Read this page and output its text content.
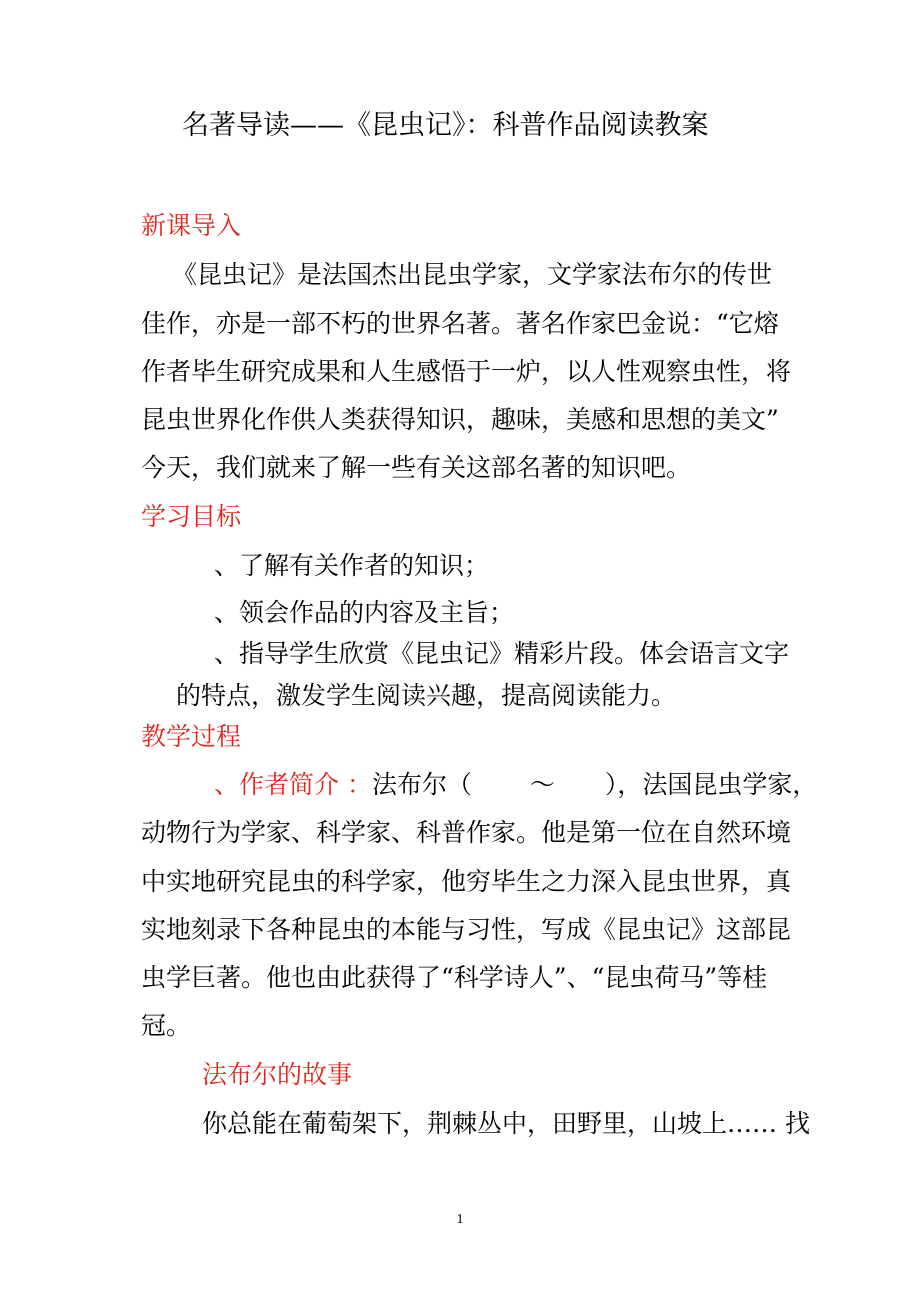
名著导读——《昆虫记》：科普作品阅读教案
新课导入
《昆虫记》是法国杰出昆虫学家，文学家法布尔的传世
佳作，亦是一部不朽的世界名著。著名作家巴金说：“它熔
作者毕生研究成果和人生感悟于一炉，以人性观察虫性，将
昆虫世界化作供人类获得知识，趣味，美感和思想的美文”
今天，我们就来了解一些有关这部名著的知识吧。
学习目标
、了解有关作者的知识；
、领会作品的内容及主旨；
、指导学生欣赏《昆虫记》精彩片段。体会语言文字
的特点，激发学生阅读兴趣，提高阅读能力。
教学过程
、作者简介 ：法布尔（　　 ～　　），法国昆虫学家，
动物行为学家、科学家、科普作家。他是第一位在自然环境
中实地研究昆虫的科学家，他穷毕生之力深入昆虫世界，真
实地刻录下各种昆虫的本能与习性，写成《昆虫记》这部昆
虫学巨著。他也由此获得了“科学诗人”、“昆虫荷马”等桂
冠。
法布尔的故事
你总能在葡萄架下，荆棘丛中，田野里，山坡上…… 找
1
